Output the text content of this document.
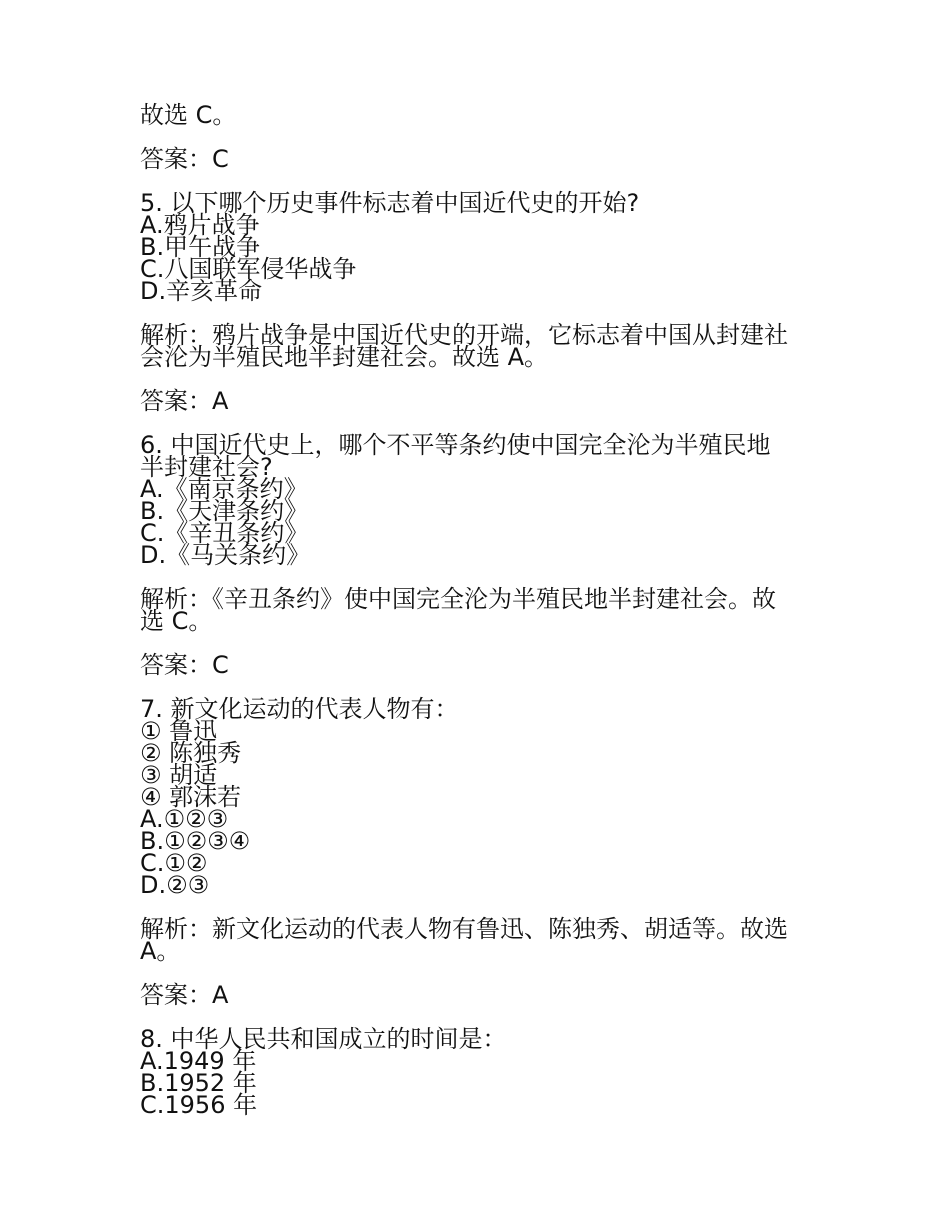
故选 C。
答案：C
5. 以下哪个历史事件标志着中国近代史的开始?
A.鸦片战争
B.甲午战争
C.八国联军侵华战争
D.辛亥革命
解析：鸦片战争是中国近代史的开端，它标志着中国从封建社
会沦为半殖民地半封建社会。故选 A。
答案：A
6. 中国近代史上，哪个不平等条约使中国完全沦为半殖民地
半封建社会?
A.《南京条约》
B.《天津条约》
C.《辛丑条约》
D.《马关条约》
解析：《辛丑条约》使中国完全沦为半殖民地半封建社会。故
选 C。
答案：C
7. 新文化运动的代表人物有：
① 鲁迅
② 陈独秀
③ 胡适
④ 郭沫若
A.①②③
B.①②③④
C.①②
D.②③
解析：新文化运动的代表人物有鲁迅、陈独秀、胡适等。故选
A。
答案：A
8. 中华人民共和国成立的时间是：
A.1949 年
B.1952 年
C.1956 年
